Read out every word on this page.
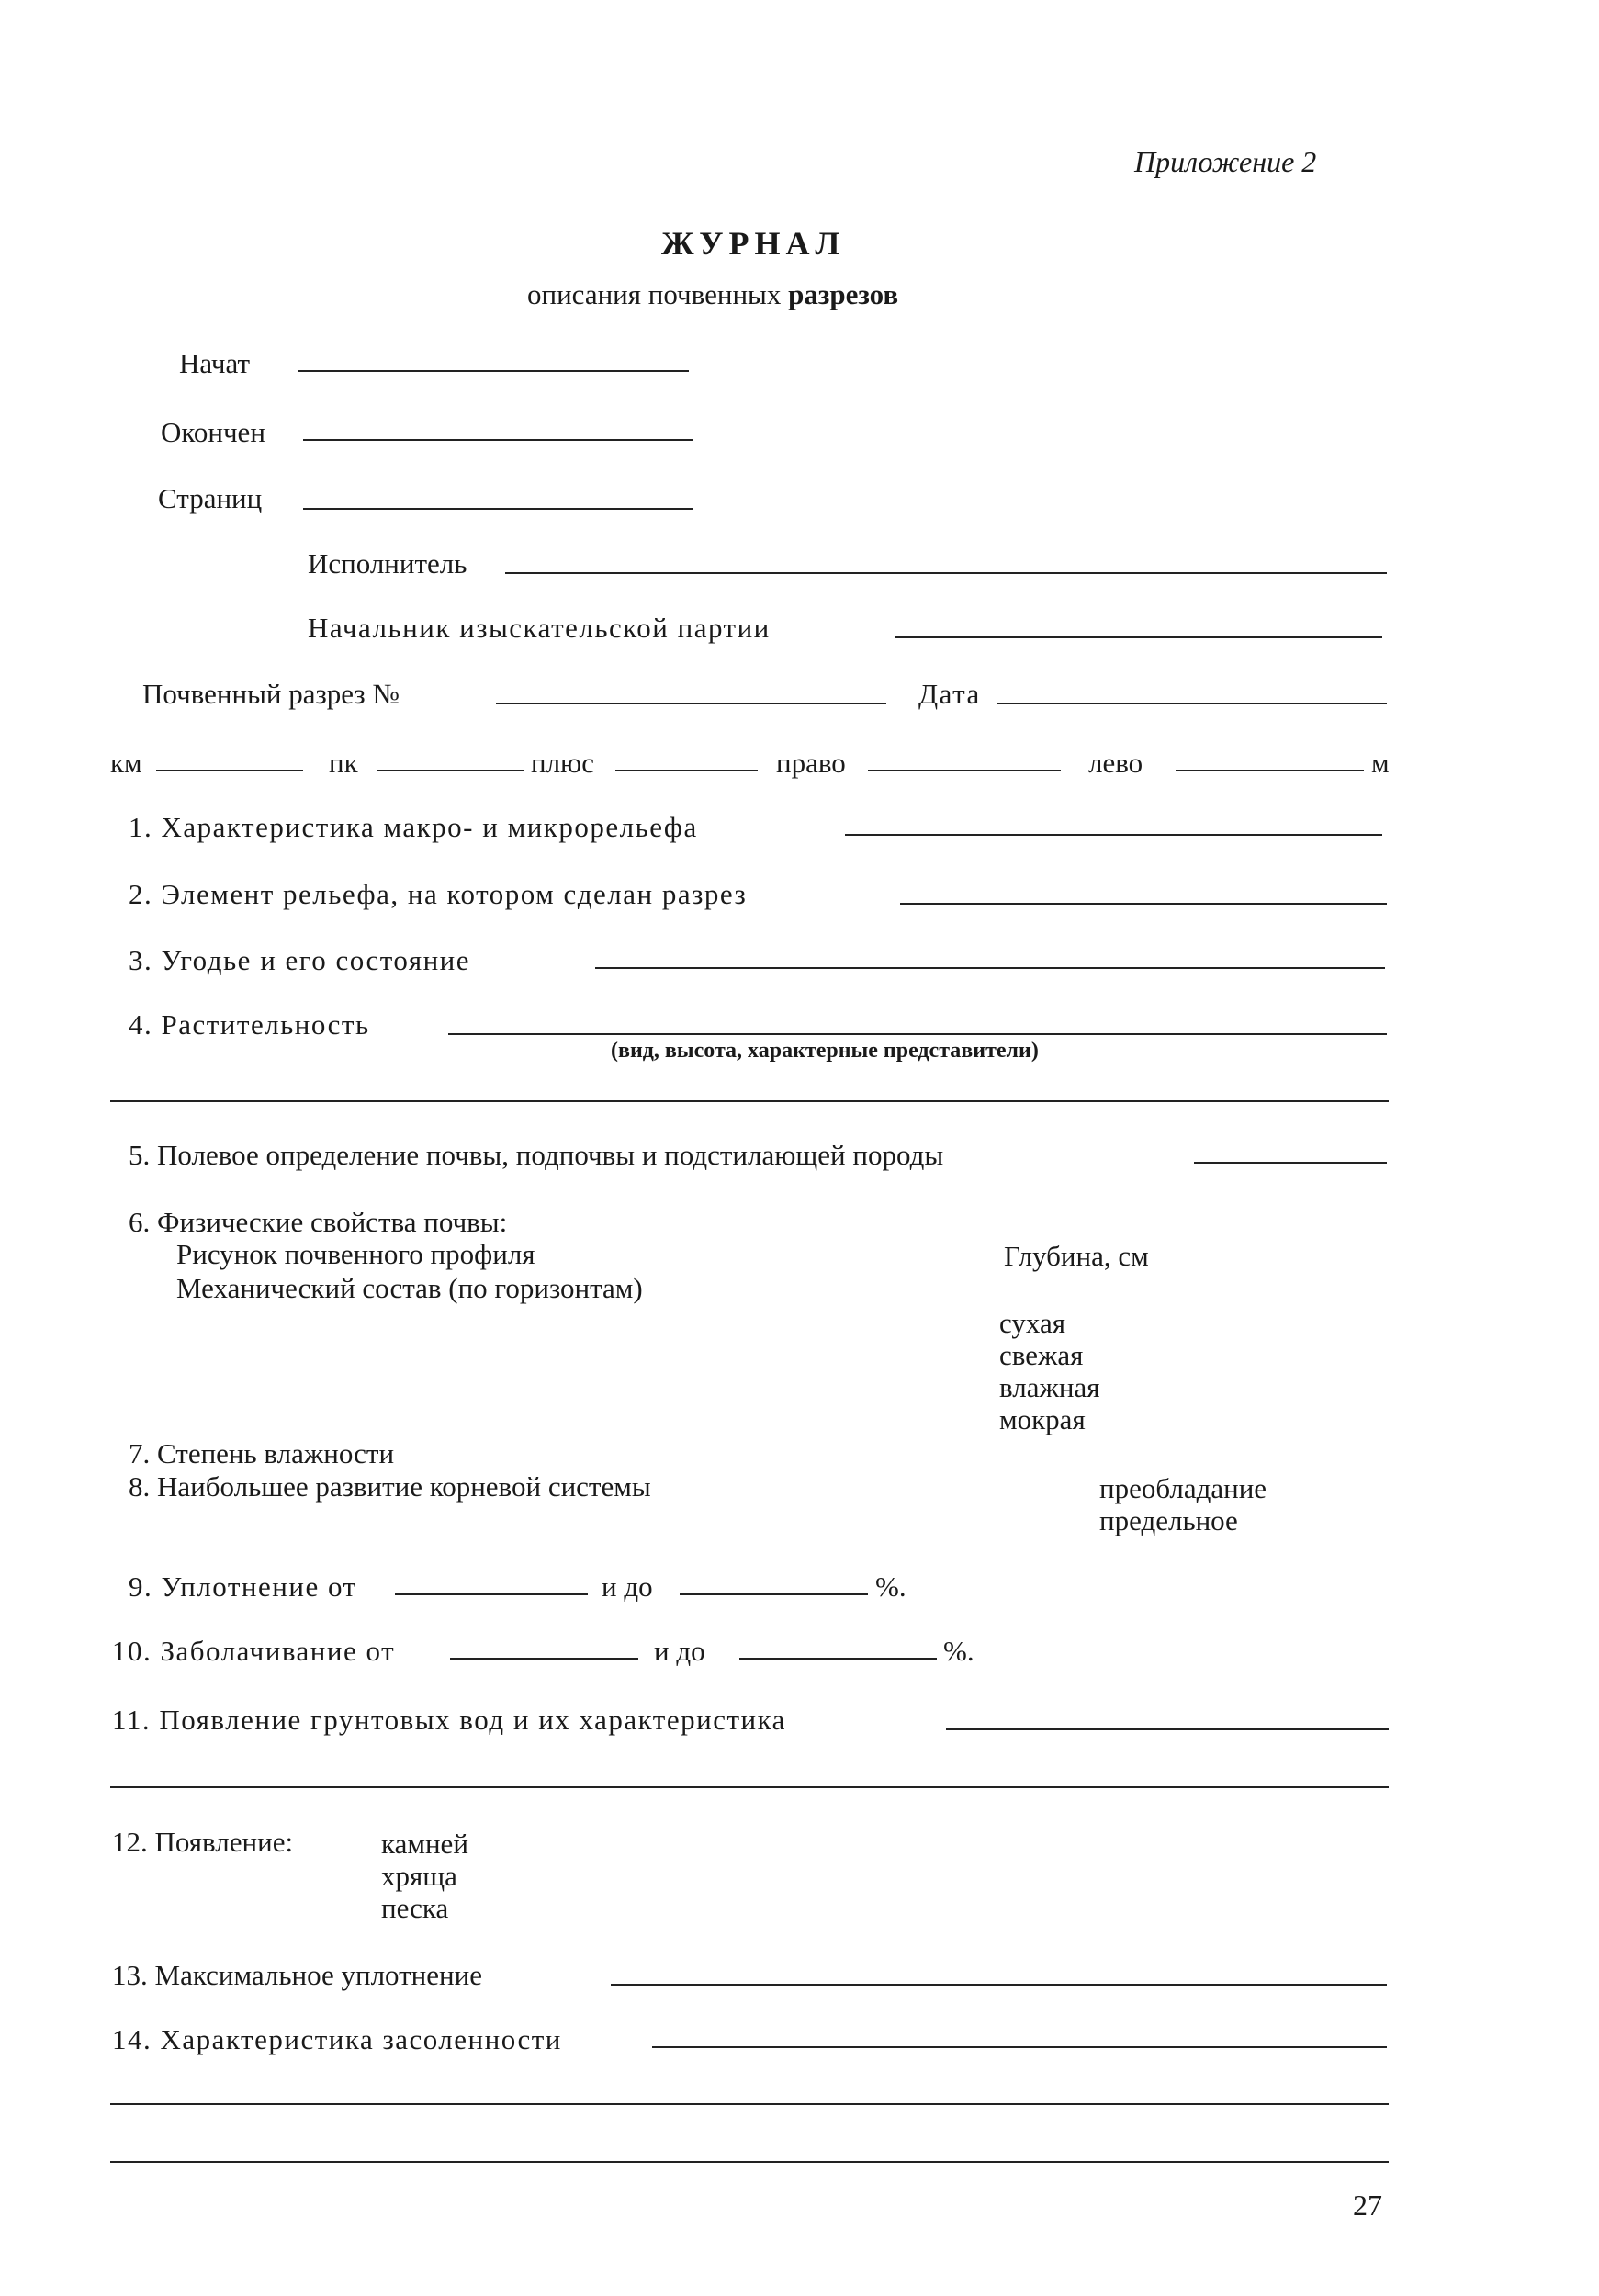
Приложение 2
ЖУРНАЛ
описания почвенных разрезов
Начат
Окончен
Страниц
Исполнитель
Начальник изыскательской партии
Почвенный разрез №	Дата
км	пк	плюс	право	лево	м
1. Характеристика макро- и микрорельефа
2. Элемент рельефа, на котором сделан разрез
3. Угодье и его состояние
4. Растительность
(вид, высота, характерные представители)
5. Полевое определение почвы, подпочвы и подстилающей породы
6. Физические свойства почвы:
Рисунок почвенного профиля
Механический состав (по горизонтам)
Глубина, см
сухая
свежая
влажная
мокрая
7. Степень влажности
8. Наибольшее развитие корневой системы	преобладание
предельное
9. Уплотнение от	и до	%.
10. Заболачивание от	и до	%.
11. Появление грунтовых вод и их характеристика
12. Появление:	камней
хряща
песка
13. Максимальное уплотнение
14. Характеристика засоленности
27
